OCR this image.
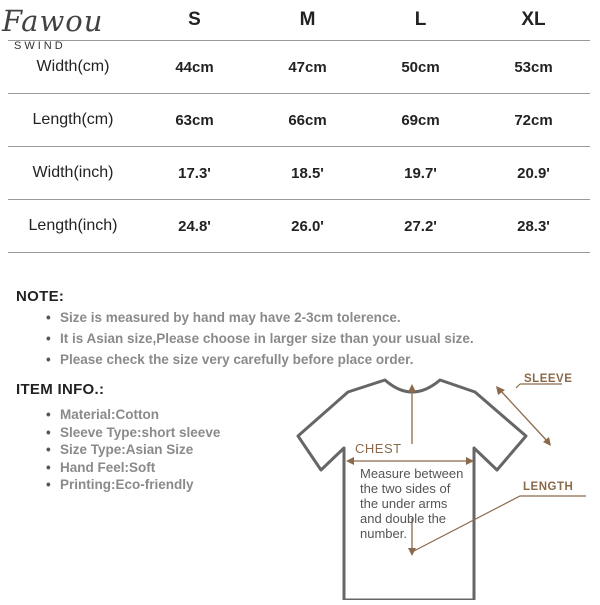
Fawou
SWIND
	S	M	L	XL
Width(cm)	44cm	47cm	50cm	53cm
Length(cm)	63cm	66cm	69cm	72cm
Width(inch)	17.3'	18.5'	19.7'	20.9'
Length(inch)	24.8'	26.0'	27.2'	28.3'
NOTE:
• Size is measured by hand may have 2-3cm tolerence.
• It is Asian size,Please choose in larger size than your usual size.
• Please check the size very carefully before place order.
ITEM INFO.:
• Material:Cotton
• Sleeve Type:short sleeve
• Size Type:Asian Size
• Hand Feel:Soft
• Printing:Eco-friendly
CHEST
SLEEVE
LENGTH
Measure between
the two sides of
the under arms
and double the
number.
